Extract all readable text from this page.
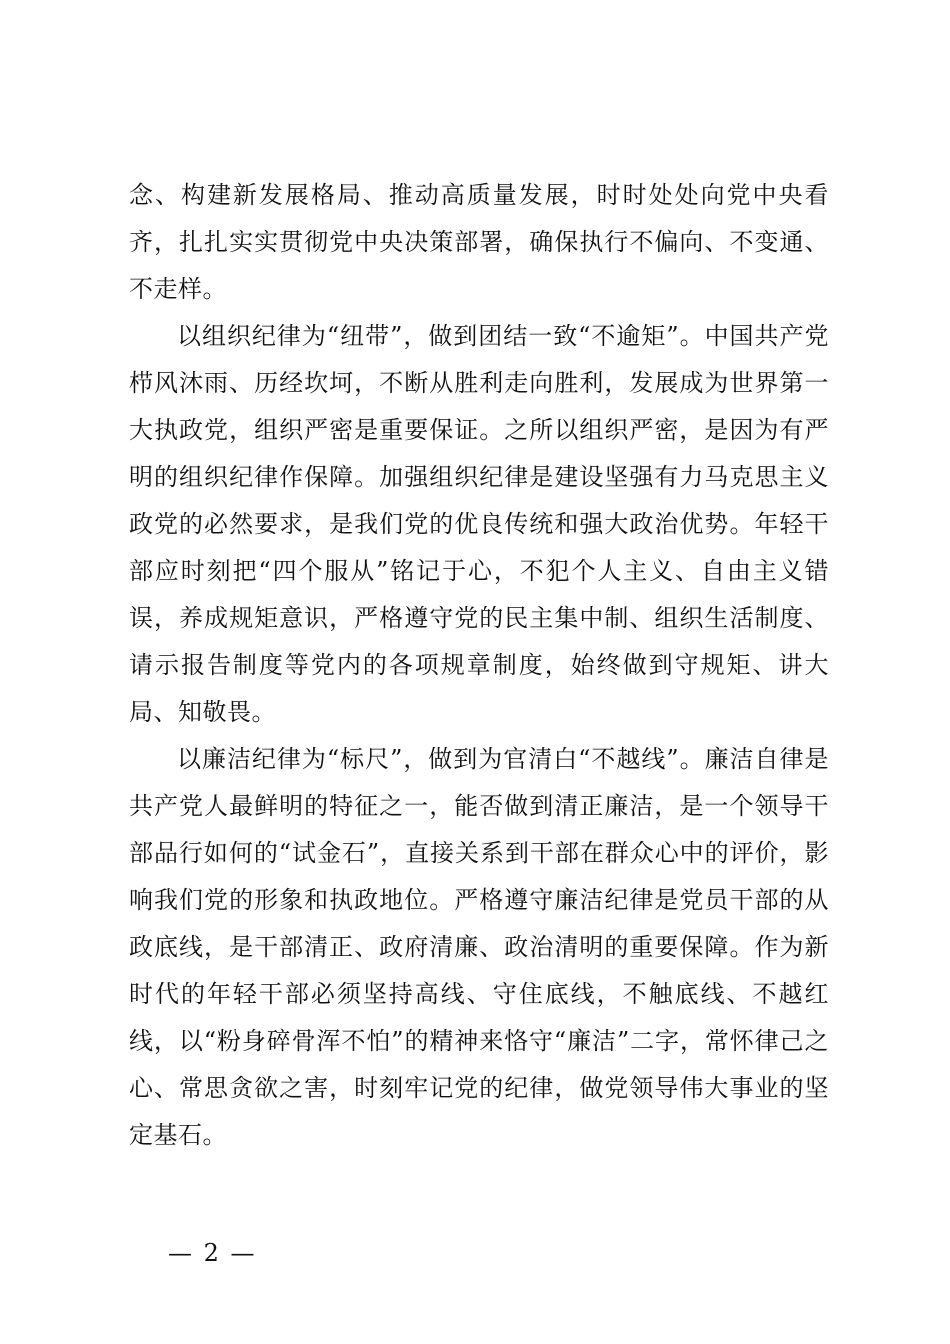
念、构建新发展格局、推动高质量发展，时时处处向党中央看齐，扎扎实实贯彻党中央决策部署，确保执行不偏向、不变通、不走样。

以组织纪律为“纽带”，做到团结一致“不逾矩”。中国共产党栉风沐雨、历经坎坷，不断从胜利走向胜利，发展成为世界第一大执政党，组织严密是重要保证。之所以组织严密，是因为有严明的组织纪律作保障。加强组织纪律是建设坚强有力马克思主义政党的必然要求，是我们党的优良传统和强大政治优势。年轻干部应时刻把“四个服从”铭记于心，不犯个人主义、自由主义错误，养成规矩意识，严格遵守党的民主集中制、组织生活制度、请示报告制度等党内的各项规章制度，始终做到守规矩、讲大局、知敬畏。

以廉洁纪律为“标尺”，做到为官清白“不越线”。廉洁自律是共产党人最鲜明的特征之一，能否做到清正廉洁，是一个领导干部品行如何的“试金石”，直接关系到干部在群众心中的评价，影响我们党的形象和执政地位。严格遵守廉洁纪律是党员干部的从政底线，是干部清正、政府清廉、政治清明的重要保障。作为新时代的年轻干部必须坚持高线、守住底线，不触底线、不越红线，以“粉身碎骨浑不怕”的精神来恪守“廉洁”二字，常怀律己之心、常思贪欲之害，时刻牢记党的纪律，做党领导伟大事业的坚定基石。

— 2 —
